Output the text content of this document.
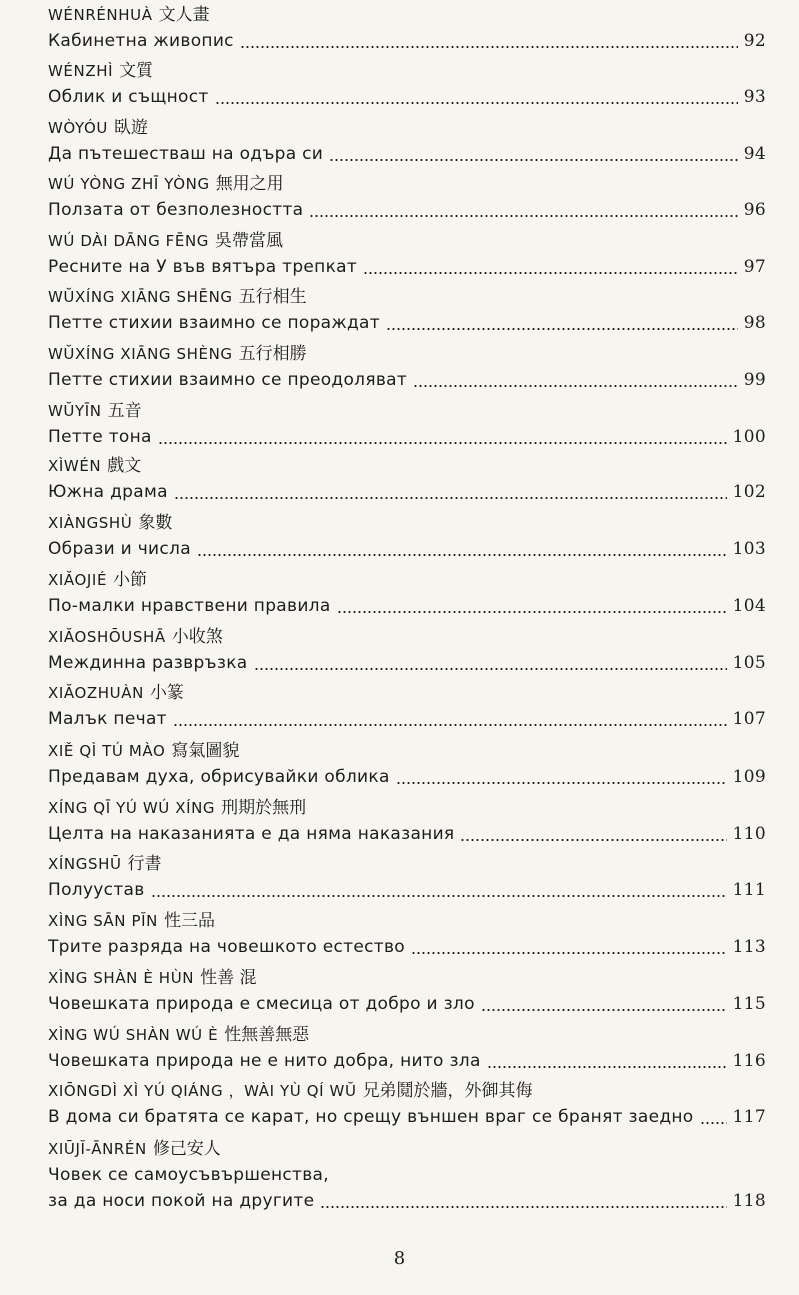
WÉNRÉNHUÀ 文人畫
Кабинетна живопис	92
WÉNZHÌ 文質
Облик и същност	93
WÒYÓU 臥遊
Да пътешестваш на одъра си	94
WÚ YÒNG ZHĪ YÒNG 無用之用
Ползата от безполезността	96
WÚ DÀI DĀNG FĒNG 吳帶當風
Ресните на У във вятъра трепкат	97
WŬXÍNG XIĀNG SHĒNG 五行相生
Петте стихии взаимно се пораждат	98
WŬXÍNG XIĀNG SHÈNG 五行相勝
Петте стихии взаимно се преодоляват	99
WŬYĪN 五音
Петте тона	100
XÌWÉN 戲文
Южна драма	102
XIÀNGSHÙ 象數
Образи и числа	103
XIĂOJIÉ 小節
По-малки нравствени правила	104
XIĂOSHŌUSHĀ 小收煞
Междинна развръзка	105
XIĂOZHUÀN 小篆
Малък печат	107
XIĚ QÌ TÚ MÀO 寫氣圖貌
Предавам духа, обрисувайки облика	109
XÍNG QĪ YÚ WÚ XÍNG 刑期於無刑
Целта на наказанията е да няма наказания	110
XÍNGSHŪ 行書
Полуустав	111
XÌNG SĀN PĬN 性三品
Трите разряда на човешкото естество	113
XÌNG SHÀN È HÙN 性善 混
Човешката природа е смесица от добро и зло	115
XÌNG WÚ SHÀN WÚ È 性無善無惡
Човешката природа не е нито добра, нито зла	116
XIŌNGDÌ XÌ YÚ QIÁNG ，WÀI YÙ QÍ WŬ 兄弟鬩於牆，外御其侮
В дома си братята се карат, но срещу външен враг се бранят заедно 117
XIŪJĬ-ĀNRÉN 修己安人
Човек се самоусъвършенства,
за да носи покой на другите	118
8
